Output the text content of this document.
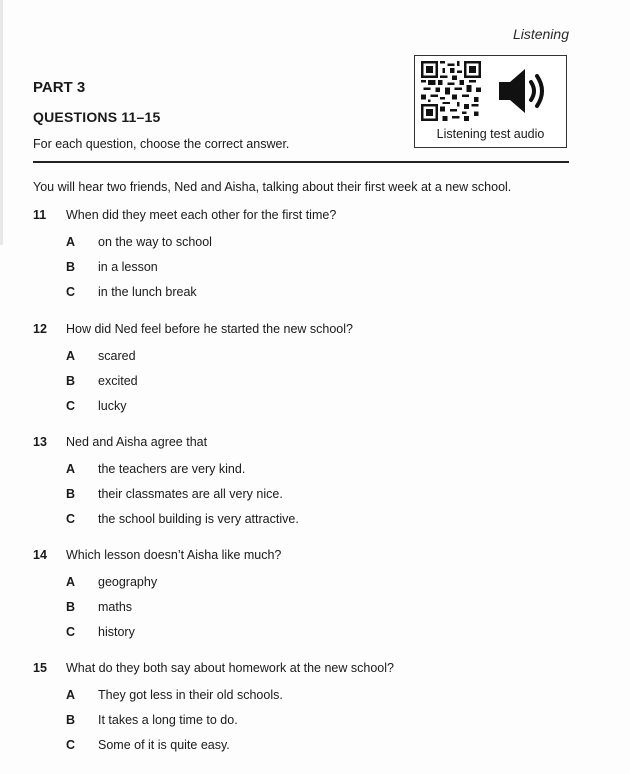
Listening
PART 3
QUESTIONS 11–15
For each question, choose the correct answer.
Listening test audio
You will hear two friends, Ned and Aisha, talking about their first week at a new school.
11 When did they meet each other for the first time?
A on the way to school
B in a lesson
C in the lunch break
12 How did Ned feel before he started the new school?
A scared
B excited
C lucky
13 Ned and Aisha agree that
A the teachers are very kind.
B their classmates are all very nice.
C the school building is very attractive.
14 Which lesson doesn’t Aisha like much?
A geography
B maths
C history
15 What do they both say about homework at the new school?
A They got less in their old schools.
B It takes a long time to do.
C Some of it is quite easy.
